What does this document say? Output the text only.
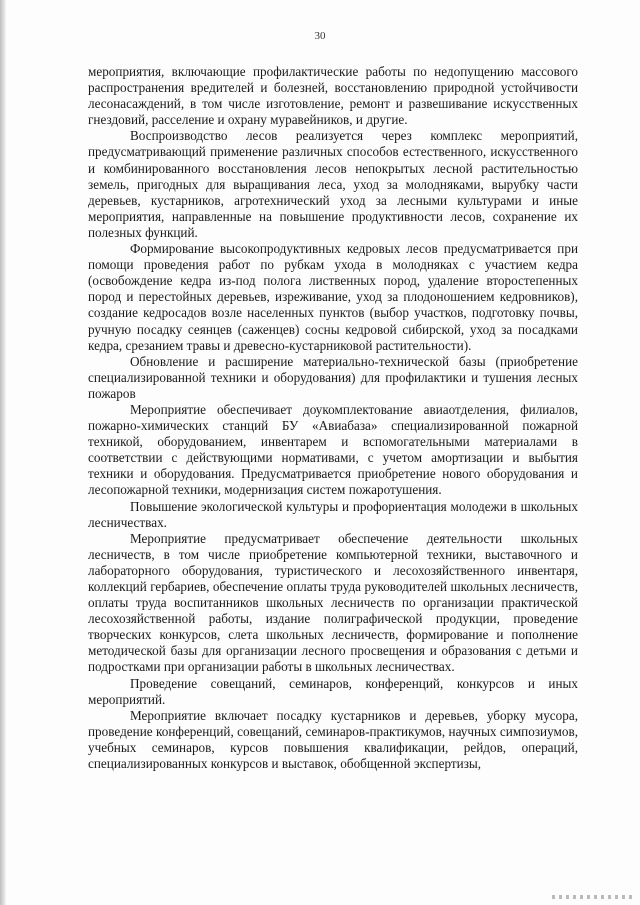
30

мероприятия, включающие профилактические работы по недопущению массового распространения вредителей и болезней, восстановлению природной устойчивости лесонасаждений, в том числе изготовление, ремонт и развешивание искусственных гнездовий, расселение и охрану муравейников, и другие.

Воспроизводство лесов реализуется через комплекс мероприятий, предусматривающий применение различных способов естественного, искусственного и комбинированного восстановления лесов непокрытых лесной растительностью земель, пригодных для выращивания леса, уход за молодняками, вырубку части деревьев, кустарников, агротехнический уход за лесными культурами и иные мероприятия, направленные на повышение продуктивности лесов, сохранение их полезных функций.

Формирование высокопродуктивных кедровых лесов предусматривается при помощи проведения работ по рубкам ухода в молодняках с участием кедра (освобождение кедра из-под полога лиственных пород, удаление второстепенных пород и перестойных деревьев, изреживание, уход за плодоношением кедровников), создание кедросадов возле населенных пунктов (выбор участков, подготовку почвы, ручную посадку сеянцев (саженцев) сосны кедровой сибирской, уход за посадками кедра, срезанием травы и древесно-кустарниковой растительности).

Обновление и расширение материально-технической базы (приобретение специализированной техники и оборудования) для профилактики и тушения лесных пожаров

Мероприятие обеспечивает доукомплектование авиаотделения, филиалов, пожарно-химических станций БУ «Авиабаза» специализированной пожарной техникой, оборудованием, инвентарем и вспомогательными материалами в соответствии с действующими нормативами, с учетом амортизации и выбытия техники и оборудования. Предусматривается приобретение нового оборудования и лесопожарной техники, модернизация систем пожаротушения.

Повышение экологической культуры и профориентация молодежи в школьных лесничествах.

Мероприятие предусматривает обеспечение деятельности школьных лесничеств, в том числе приобретение компьютерной техники, выставочного и лабораторного оборудования, туристического и лесохозяйственного инвентаря, коллекций гербариев, обеспечение оплаты труда руководителей школьных лесничеств, оплаты труда воспитанников школьных лесничеств по организации практической лесохозяйственной работы, издание полиграфической продукции, проведение творческих конкурсов, слета школьных лесничеств, формирование и пополнение методической базы для организации лесного просвещения и образования с детьми и подростками при организации работы в школьных лесничествах.

Проведение совещаний, семинаров, конференций, конкурсов и иных мероприятий.

Мероприятие включает посадку кустарников и деревьев, уборку мусора, проведение конференций, совещаний, семинаров-практикумов, научных симпозиумов, учебных семинаров, курсов повышения квалификации, рейдов, операций, специализированных конкурсов и выставок, обобщенной экспертизы,
